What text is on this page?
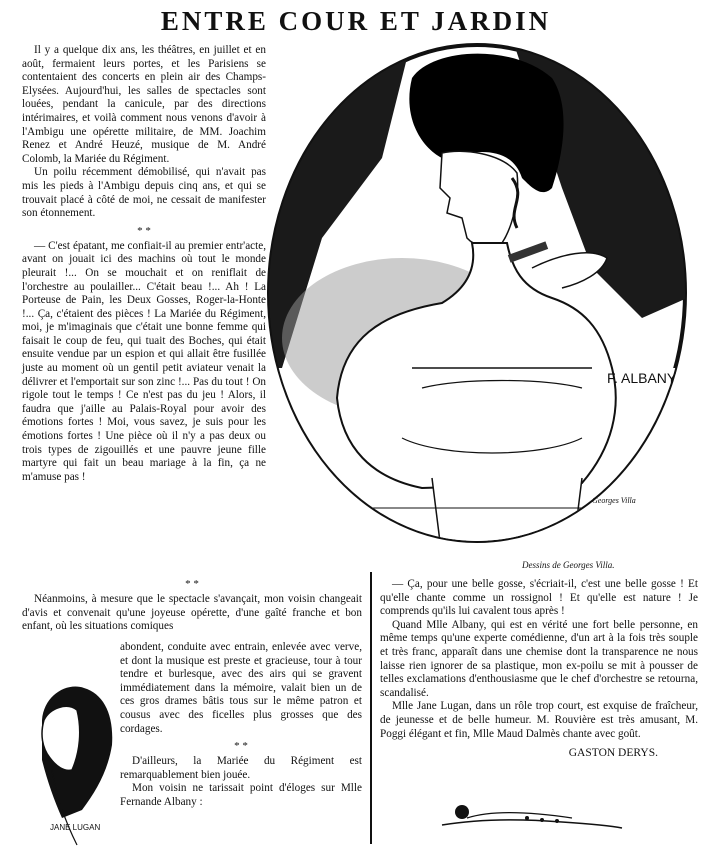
ENTRE COUR ET JARDIN

Il y a quelque dix ans, les théâtres, en juillet et en août, fermaient leurs portes, et les Parisiens se contentaient des concerts en plein air des Champs-Elysées. Aujourd'hui, les salles de spectacles sont louées, pendant la canicule, par des directions intérimaires, et voilà comment nous venons d'avoir à l'Ambigu une opérette militaire, de MM. Joachim Renez et André Heuzé, musique de M. André Colomb, la Mariée du Régiment.

Un poilu récemment démobilisé, qui n'avait pas mis les pieds à l'Ambigu depuis cinq ans, et qui se trouvait placé à côté de moi, ne cessait de manifester son étonnement.

* *

— C'est épatant, me confiait-il au premier entr'acte, avant on jouait ici des machins où tout le monde pleurait !... On se mouchait et on reniflait de l'orchestre au poulailler... C'était beau !... Ah ! La Porteuse de Pain, les Deux Gosses, Roger-la-Honte !... Ça, c'étaient des pièces ! La Mariée du Régiment, moi, je m'imaginais que c'était une bonne femme qui faisait le coup de feu, qui tuait des Boches, qui était ensuite vendue par un espion et qui allait être fusillée juste au moment où un gentil petit aviateur venait la délivrer et l'emportait sur son zinc !... Pas du tout ! On rigole tout le temps ! Ce n'est pas du jeu ! Alors, il faudra que j'aille au Palais-Royal pour avoir des émotions fortes ! Moi, vous savez, je suis pour les émotions fortes ! Une pièce où il n'y a pas deux ou trois types de zigouillés et une pauvre jeune fille martyre qui fait un beau mariage à la fin, ça ne m'amuse pas !

F. ALBANY
Georges Villa
Dessins de Georges Villa.
* *

Néanmoins, à mesure que le spectacle s'avançait, mon voisin changeait d'avis et convenait qu'une joyeuse opérette, d'une gaîté franche et bon enfant, où les situations comiques

abondent, conduite avec entrain, enlevée avec verve, et dont la musique est preste et gracieuse, tour à tour tendre et burlesque, avec des airs qui se gravent immédiatement dans la mémoire, valait bien un de ces gros drames bâtis tous sur le même patron et cousus avec des ficelles plus grosses que des cordages.

* *

D'ailleurs, la Mariée du Régiment est remarquablement bien jouée.

Mon voisin ne tarissait point d'éloges sur Mlle Fernande Albany :

JANE LUGAN

— Ça, pour une belle gosse, s'écriait-il, c'est une belle gosse ! Et qu'elle chante comme un rossignol ! Et qu'elle est nature ! Je comprends qu'ils lui cavalent tous après !

Quand Mlle Albany, qui est en vérité une fort belle personne, en même temps qu'une experte comédienne, d'un art à la fois très souple et très franc, apparaît dans une chemise dont la transparence ne nous laisse rien ignorer de sa plastique, mon ex-poilu se mit à pousser de telles exclamations d'enthousiasme que le chef d'orchestre se retourna, scandalisé.

Mlle Jane Lugan, dans un rôle trop court, est exquise de fraîcheur, de jeunesse et de belle humeur. M. Rouvière est très amusant, M. Poggi élégant et fin, Mlle Maud Dalmès chante avec goût.

GASTON DERYS.
